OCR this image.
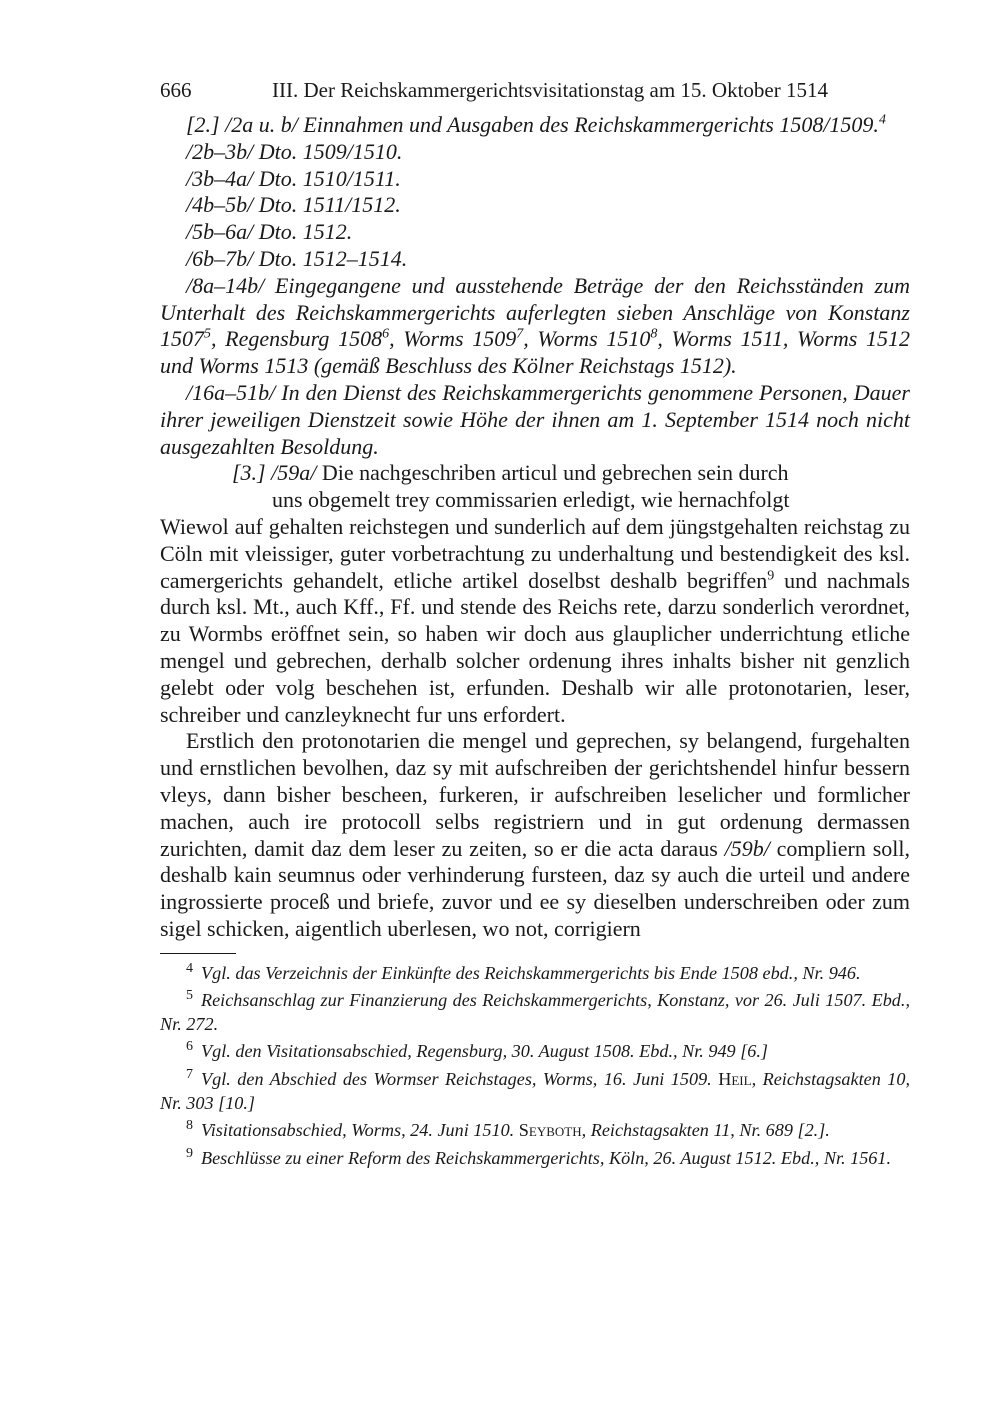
666	III. Der Reichskammergerichtsvisitationstag am 15. Oktober 1514
[2.] /2a u. b/ Einnahmen und Ausgaben des Reichskammergerichts 1508/1509.$^4$
/2b–3b/ Dto. 1509/1510.
/3b–4a/ Dto. 1510/1511.
/4b–5b/ Dto. 1511/1512.
/5b–6a/ Dto. 1512.
/6b–7b/ Dto. 1512–1514.

/8a–14b/ Eingegangene und ausstehende Beträge der den Reichsständen zum Unterhalt des Reichskammergerichts auferlegten sieben Anschläge von Konstanz 1507$^5$, Regensburg 1508$^6$, Worms 1509$^7$, Worms 1510$^8$, Worms 1511, Worms 1512 und Worms 1513 (gemäß Beschluss des Kölner Reichstags 1512).

/16a–51b/ In den Dienst des Reichskammergerichts genommene Personen, Dauer ihrer jeweiligen Dienstzeit sowie Höhe der ihnen am 1. September 1514 noch nicht ausgezahlten Besoldung.

[3.] /59a/ Die nachgeschriben articul und gebrechen sein durch
uns obgemelt trey commissarien erledigt, wie hernachfolgt

Wiewol auf gehalten reichstegen und sunderlich auf dem jüngstgehalten reichstag zu Cöln mit vleissiger, guter vorbetrachtung zu underhaltung und bestendigkeit des ksl. camergerichts gehandelt, etliche artikel doselbst deshalb begriffen$^9$ und nachmals durch ksl. Mt., auch Kff., Ff. und stende des Reichs rete, darzu sonderlich verordnet, zu Wormbs eröffnet sein, so haben wir doch aus glauplicher underrichtung etliche mengel und gebrechen, derhalb solcher ordenung ihres inhalts bisher nit genzlich gelebt oder volg beschehen ist, erfunden. Deshalb wir alle protonotarien, leser, schreiber und canzleyknecht fur uns erfordert.

Erstlich den protonotarien die mengel und geprechen, sy belangend, furgehalten und ernstlichen bevolhen, daz sy mit aufschreiben der gerichtshendel hinfur bessern vleys, dann bisher bescheen, furkeren, ir aufschreiben leselicher und formlicher machen, auch ire protocoll selbs registriern und in gut ordenung dermassen zurichten, damit daz dem leser zu zeiten, so er die acta daraus /59b/ compliern soll, deshalb kain seumnus oder verhinderung fursteen, daz sy auch die urteil und andere ingrossierte proceß und briefe, zuvor und ee sy dieselben underschreiben oder zum sigel schicken, aigentlich uberlesen, wo not, corrigiern

$^4$ Vgl. das Verzeichnis der Einkünfte des Reichskammergerichts bis Ende 1508 ebd., Nr. 946.

$^5$ Reichsanschlag zur Finanzierung des Reichskammergerichts, Konstanz, vor 26. Juli 1507. Ebd., Nr. 272.

$^6$ Vgl. den Visitationsabschied, Regensburg, 30. August 1508. Ebd., Nr. 949 [6.]

$^7$ Vgl. den Abschied des Wormser Reichstages, Worms, 16. Juni 1509. Heil, Reichstagsakten 10, Nr. 303 [10.]

$^8$ Visitationsabschied, Worms, 24. Juni 1510. Seyboth, Reichstagsakten 11, Nr. 689 [2.].

$^9$ Beschlüsse zu einer Reform des Reichskammergerichts, Köln, 26. August 1512. Ebd., Nr. 1561.
